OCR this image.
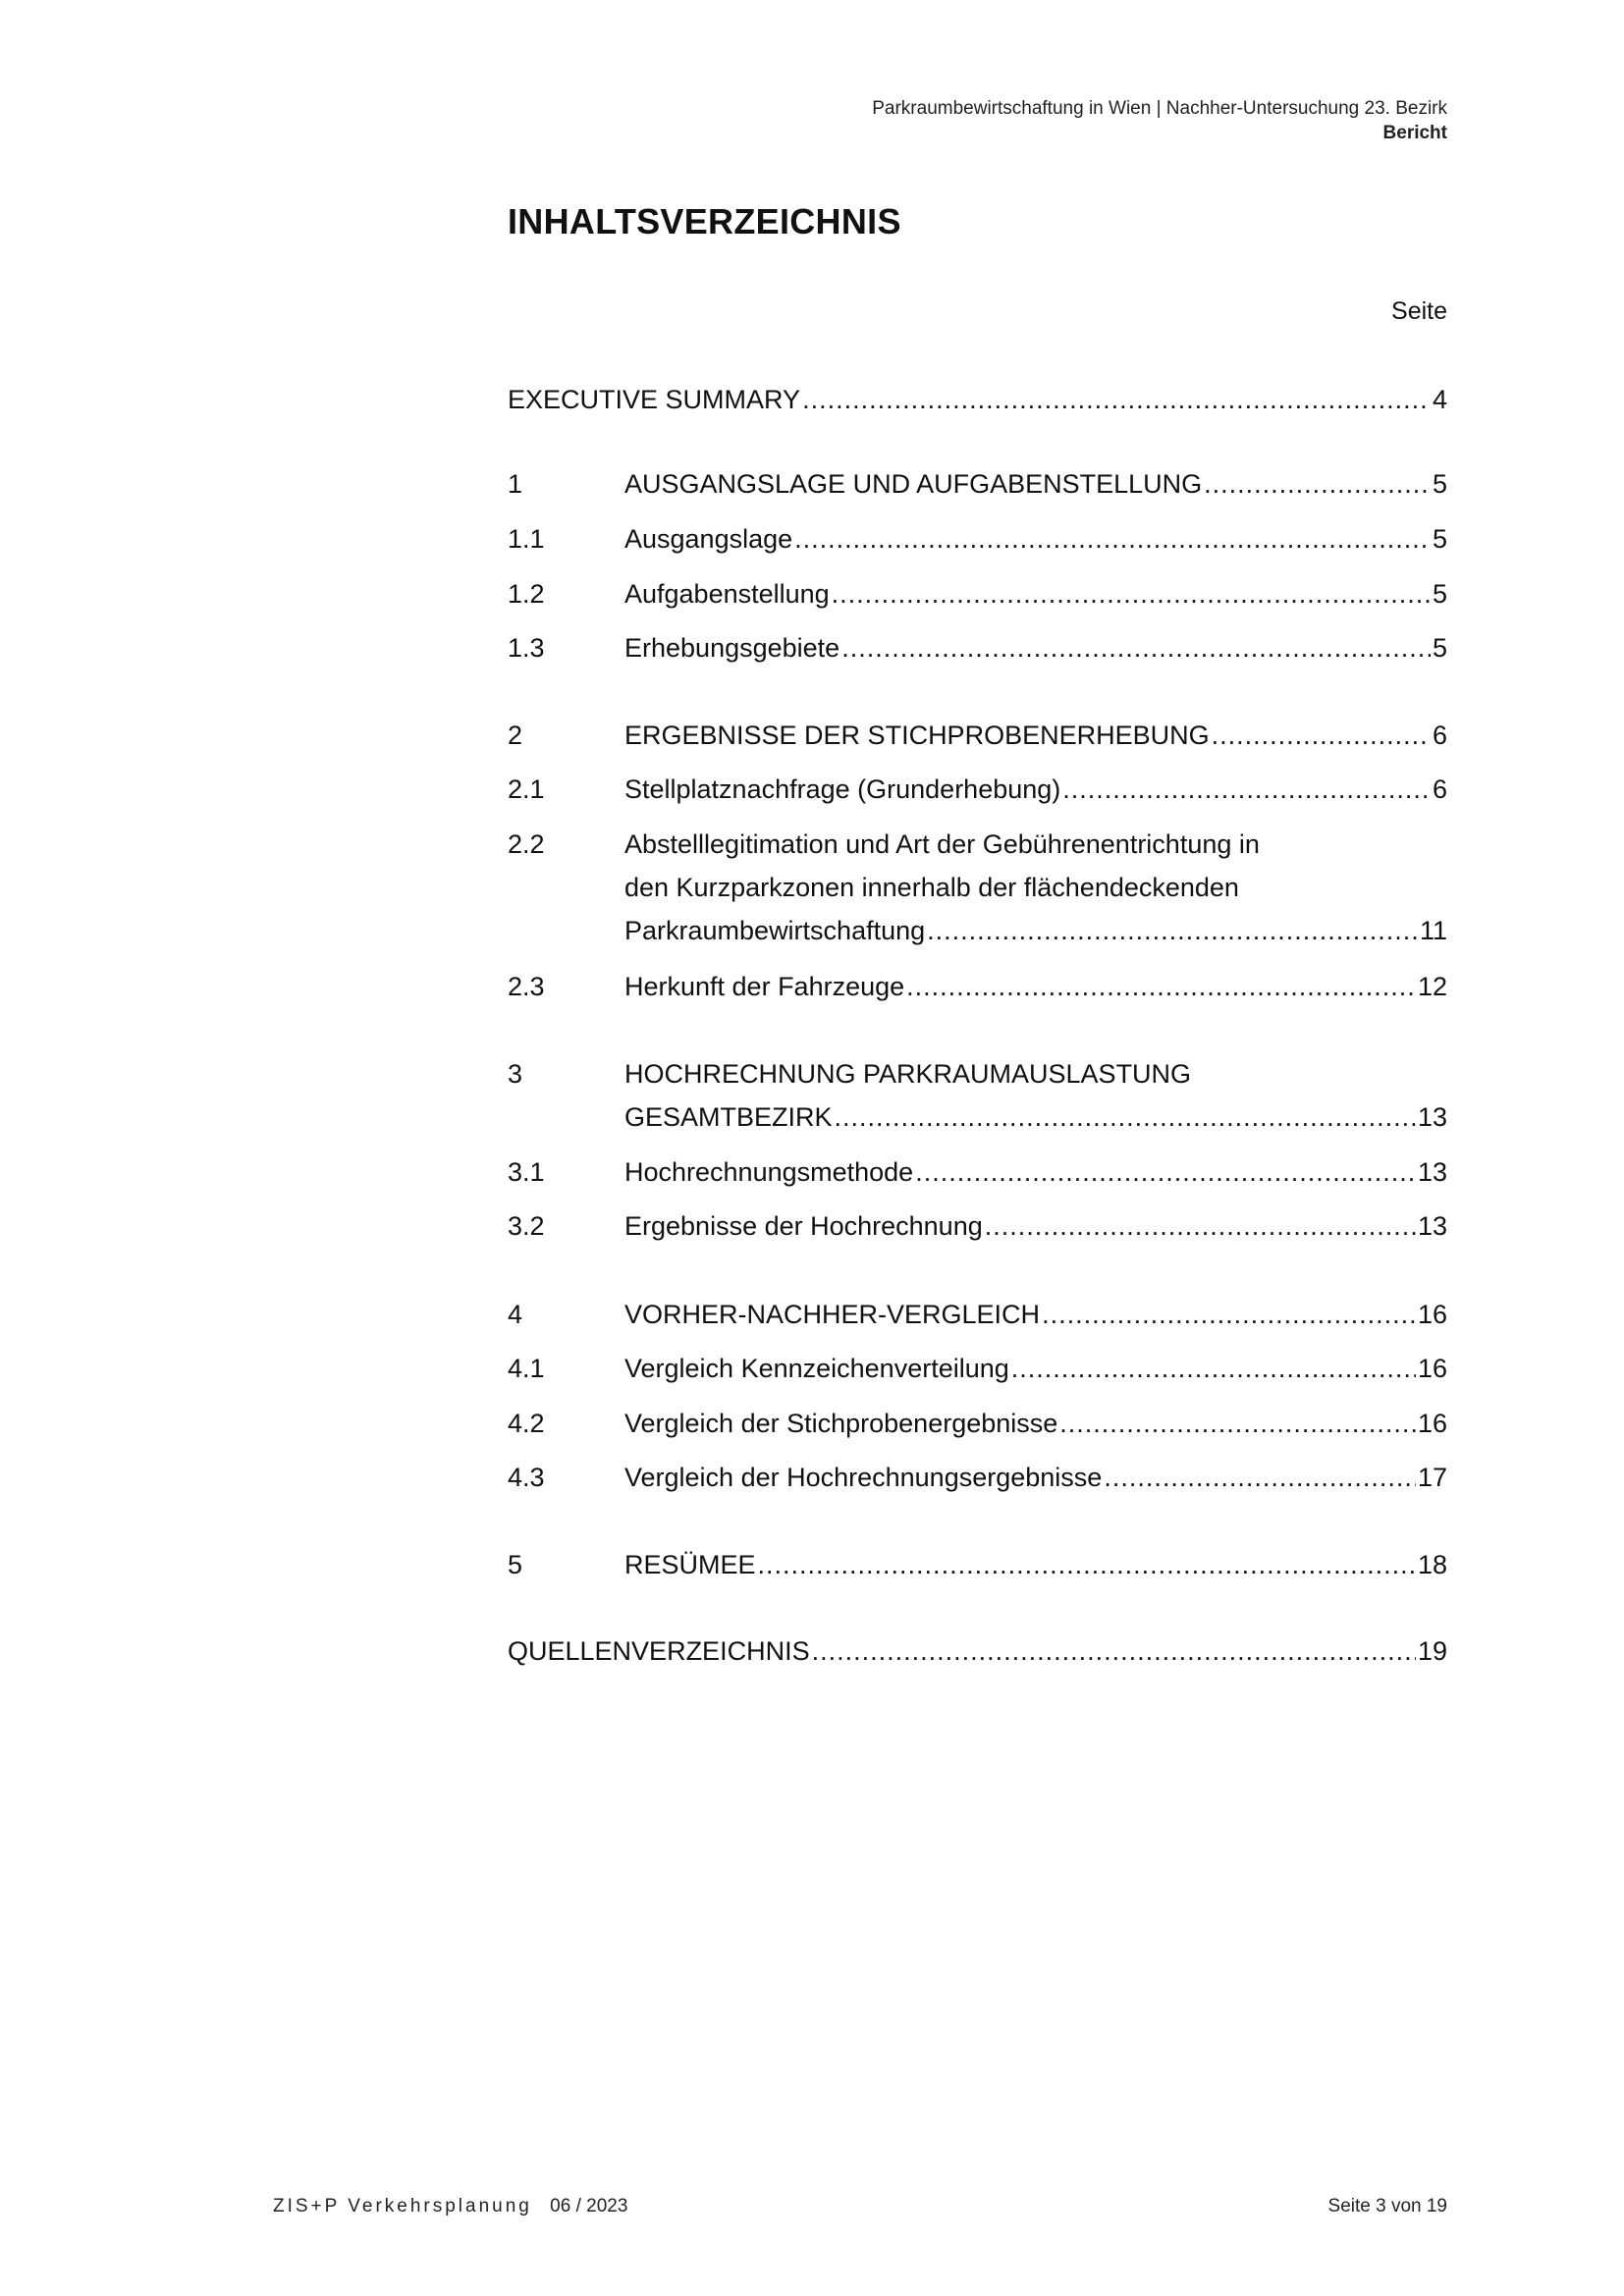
Parkraumbewirtschaftung in Wien | Nachher-Untersuchung 23. Bezirk
Bericht
INHALTSVERZEICHNIS
Seite
EXECUTIVE SUMMARY .....	4
1	AUSGANGSLAGE UND AUFGABENSTELLUNG .....	5
1.1	Ausgangslage .....	5
1.2	Aufgabenstellung .....	5
1.3	Erhebungsgebiete .....	5
2	ERGEBNISSE DER STICHPROBENERHEBUNG .....	6
2.1	Stellplatznachfrage (Grunderhebung) .....	6
2.2	Abstelllegitimation und Art der Gebührenentrichtung in
den Kurzparkzonen innerhalb der flächendeckenden
Parkraumbewirtschaftung .....	11
2.3	Herkunft der Fahrzeuge .....	12
3	HOCHRECHNUNG PARKRAUMAUSLASTUNG
GESAMTBEZIRK .....	13
3.1	Hochrechnungsmethode .....	13
3.2	Ergebnisse der Hochrechnung .....	13
4	VORHER-NACHHER-VERGLEICH .....	16
4.1	Vergleich Kennzeichenverteilung .....	16
4.2	Vergleich der Stichprobenergebnisse .....	16
4.3	Vergleich der Hochrechnungsergebnisse .....	17
5	RESÜMEE .....	18
QUELLENVERZEICHNIS .....	19
ZIS+P Verkehrsplanung 06 / 2023	Seite 3 von 19
